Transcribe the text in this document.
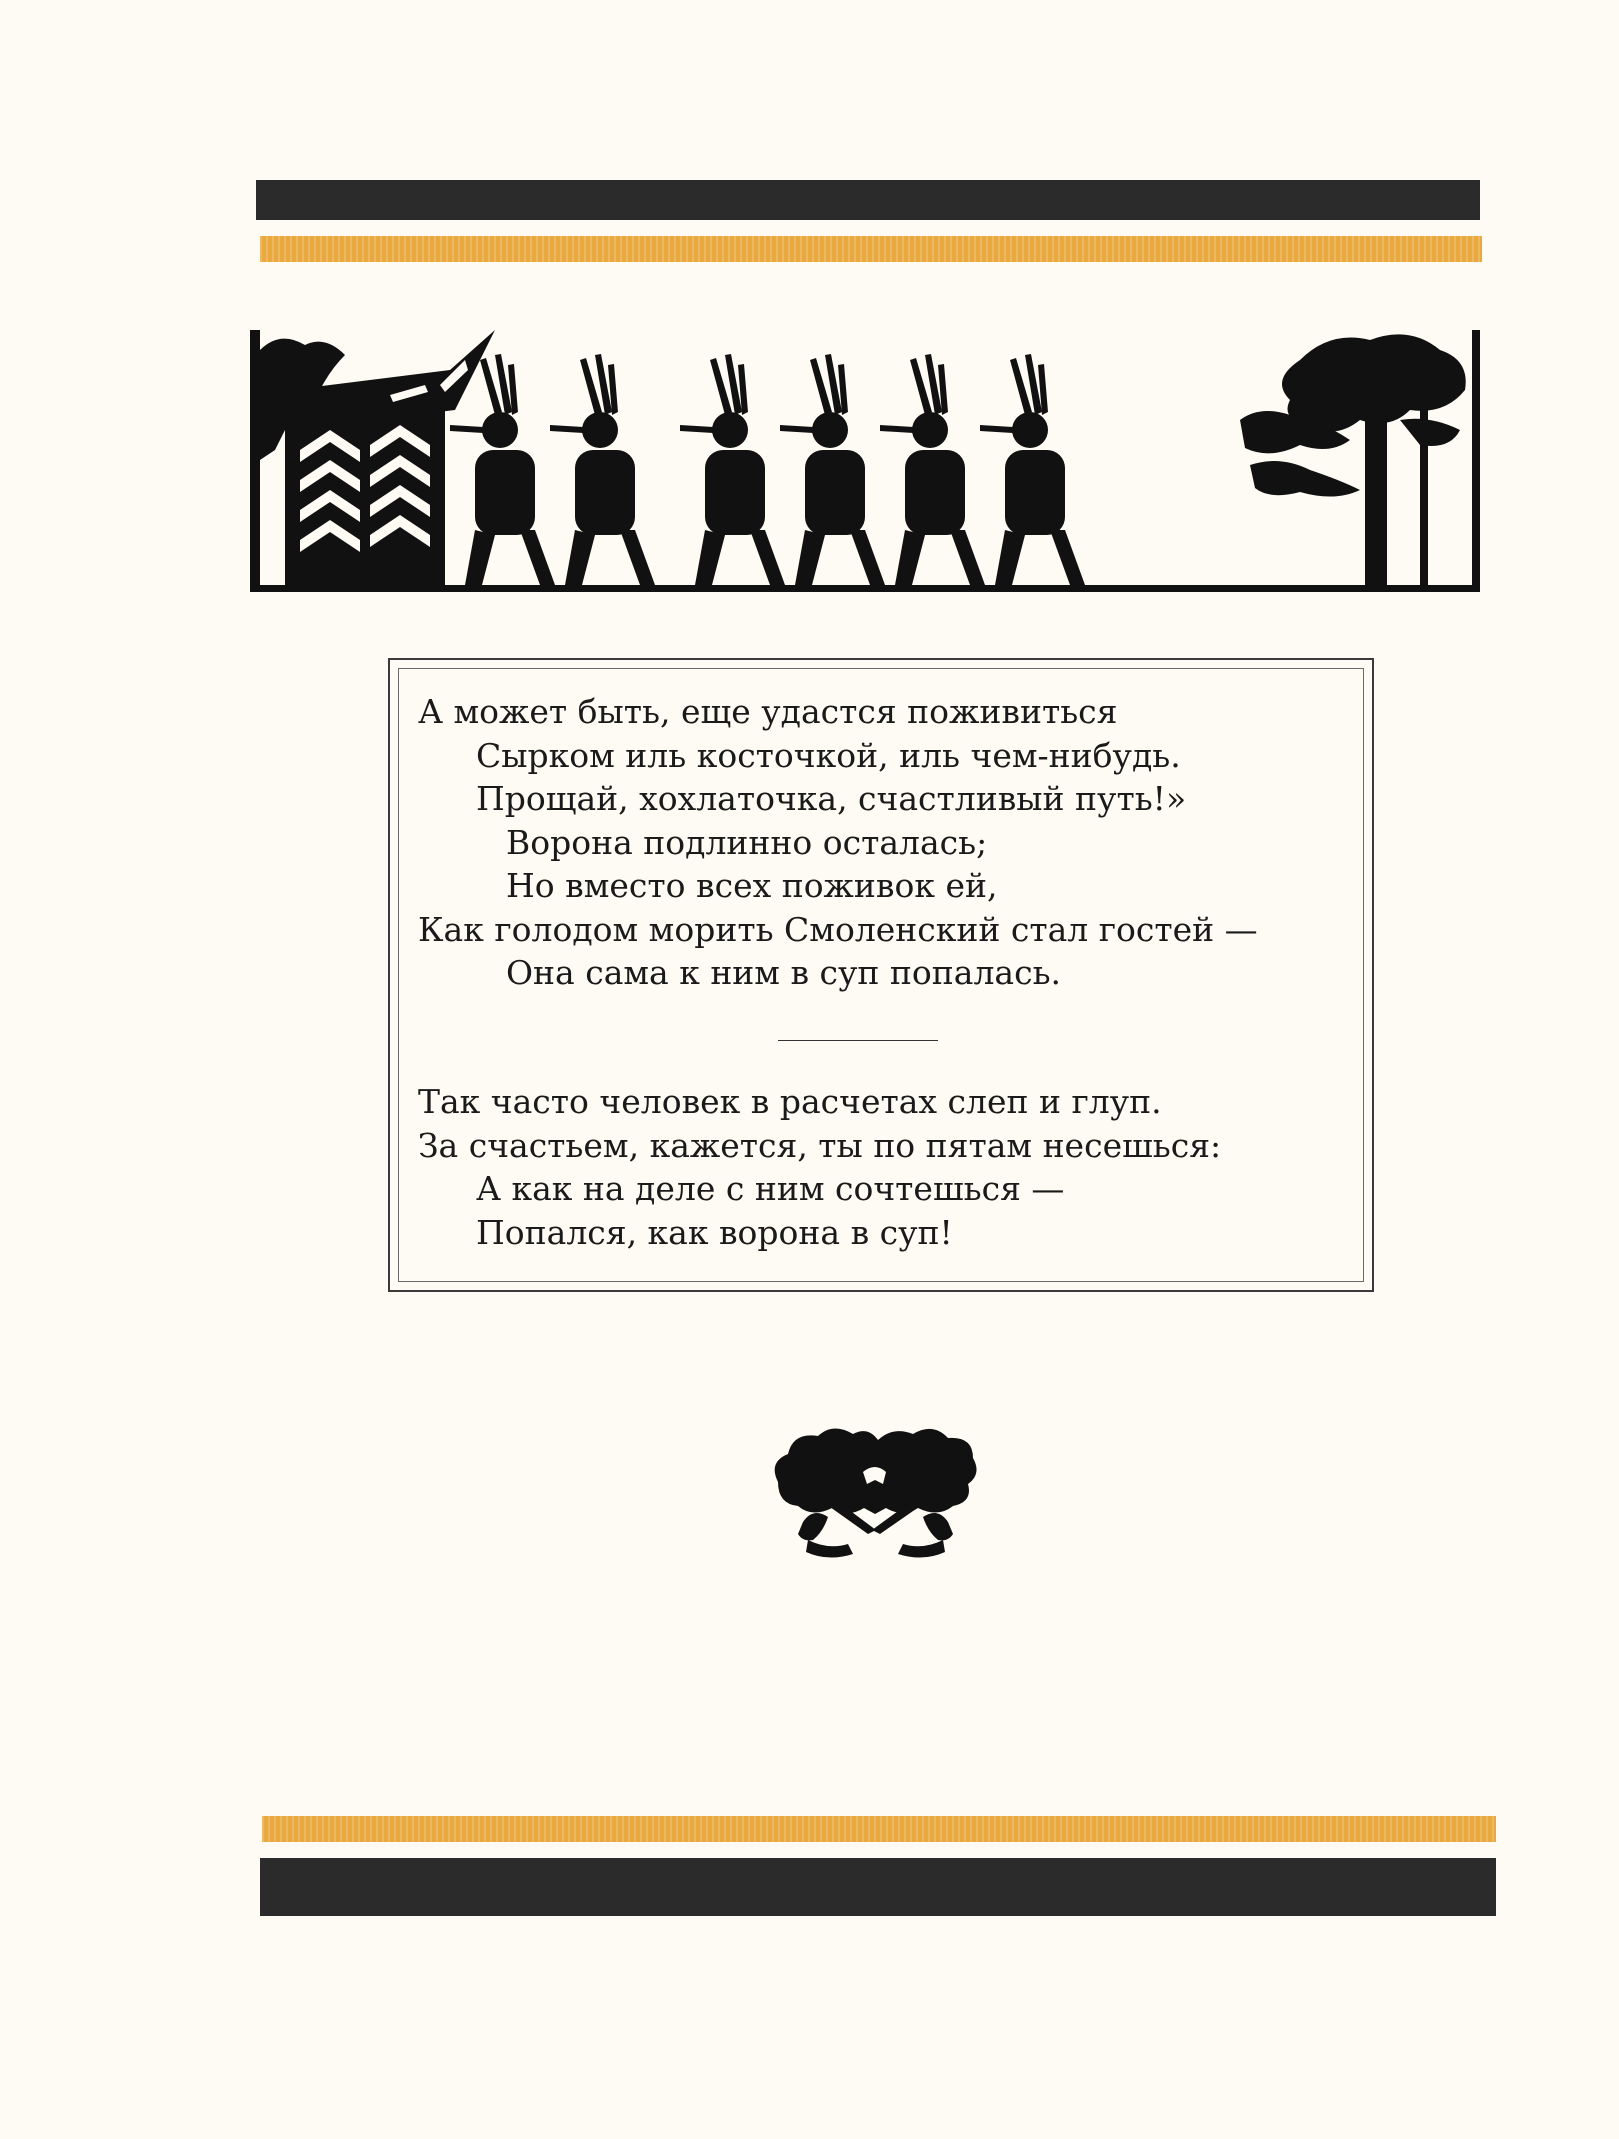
ГН
А может быть, еще удастся поживиться
Сырком иль косточкой, иль чем-нибудь.
Прощай, хохлаточка, счастливый путь!»
Ворона подлинно осталась;
Но вместо всех поживок ей,
Как голодом морить Смоленский стал гостей —
Она сама к ним в суп попалась.
Так часто человек в расчетах слеп и глуп.
За счастьем, кажется, ты по пятам несешься:
А как на деле с ним сочтешься —
Попался, как ворона в суп!
